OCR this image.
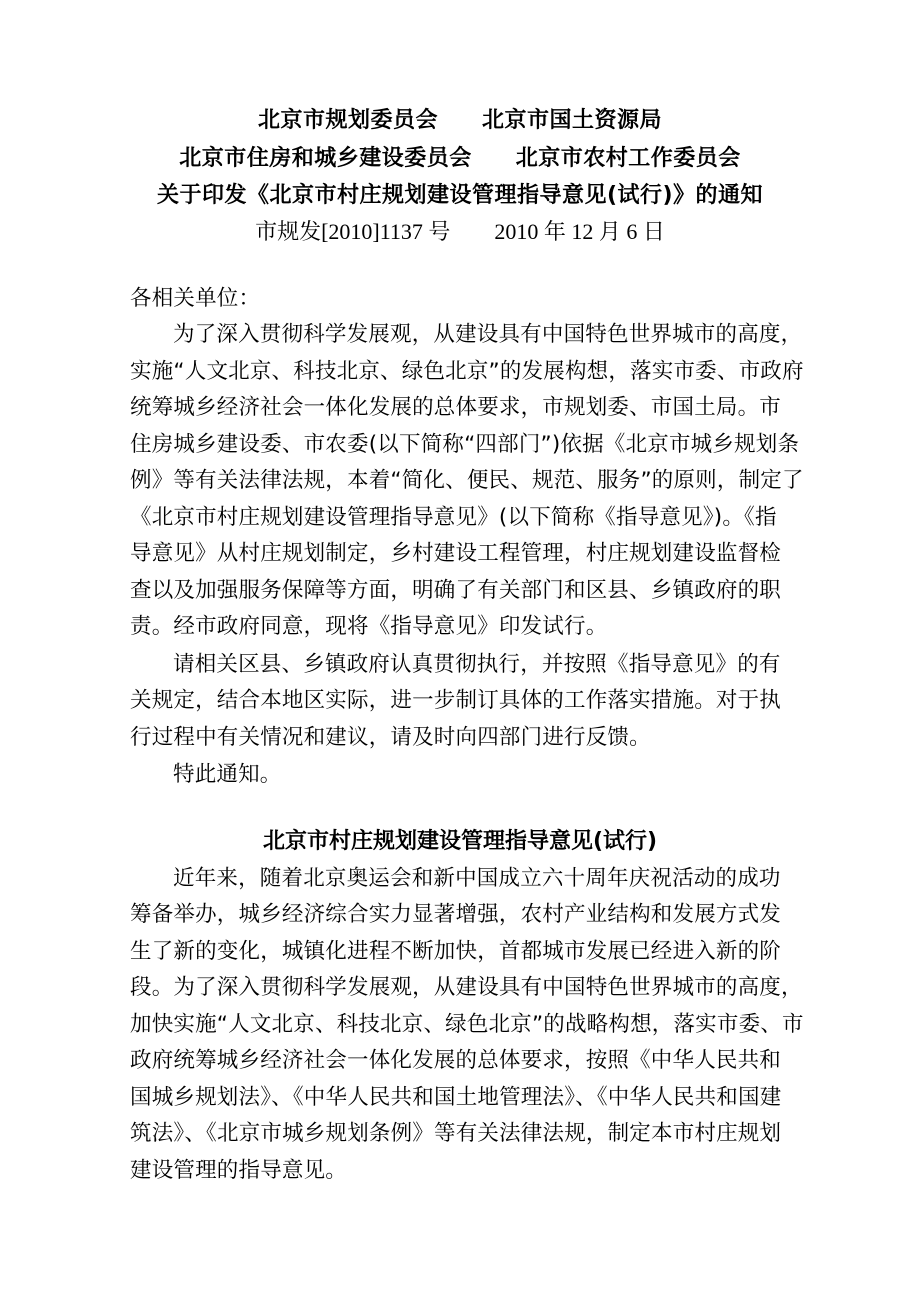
北京市规划委员会 北京市国土资源局
北京市住房和城乡建设委员会 北京市农村工作委员会
关于印发《北京市村庄规划建设管理指导意见(试行)》的通知
市规发[2010]1137 号 2010 年 12 月 6 日
各相关单位：
为了深入贯彻科学发展观，从建设具有中国特色世界城市的高度，
实施“人文北京、科技北京、绿色北京”的发展构想，落实市委、市政府
统筹城乡经济社会一体化发展的总体要求，市规划委、市国土局。市
住房城乡建设委、市农委(以下简称“四部门”)依据《北京市城乡规划条
例》等有关法律法规，本着“简化、便民、规范、服务”的原则，制定了
《北京市村庄规划建设管理指导意见》(以下简称《指导意见》)。《指
导意见》从村庄规划制定，乡村建设工程管理，村庄规划建设监督检
查以及加强服务保障等方面，明确了有关部门和区县、乡镇政府的职
责。经市政府同意，现将《指导意见》印发试行。
请相关区县、乡镇政府认真贯彻执行，并按照《指导意见》的有
关规定，结合本地区实际，进一步制订具体的工作落实措施。对于执
行过程中有关情况和建议，请及时向四部门进行反馈。
特此通知。
北京市村庄规划建设管理指导意见(试行)
近年来，随着北京奥运会和新中国成立六十周年庆祝活动的成功
筹备举办，城乡经济综合实力显著增强，农村产业结构和发展方式发
生了新的变化，城镇化进程不断加快，首都城市发展已经进入新的阶
段。为了深入贯彻科学发展观，从建设具有中国特色世界城市的高度，
加快实施“人文北京、科技北京、绿色北京”的战略构想，落实市委、市
政府统筹城乡经济社会一体化发展的总体要求，按照《中华人民共和
国城乡规划法》、《中华人民共和国土地管理法》、《中华人民共和国建
筑法》、《北京市城乡规划条例》等有关法律法规，制定本市村庄规划
建设管理的指导意见。
